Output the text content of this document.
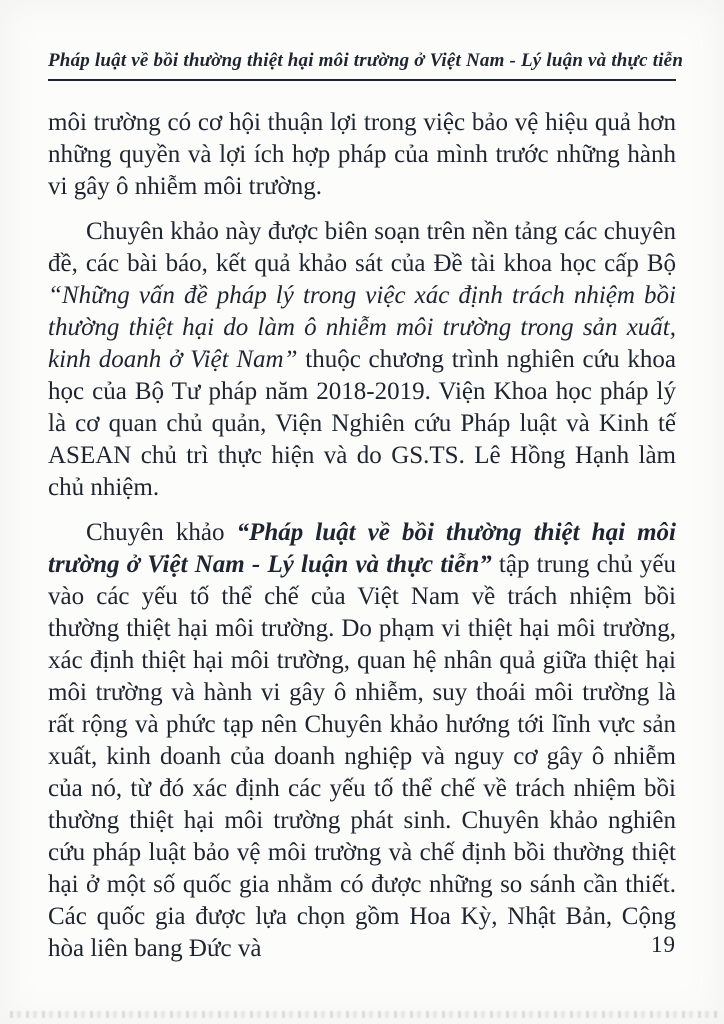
Pháp luật về bồi thường thiệt hại môi trường ở Việt Nam - Lý luận và thực tiễn

môi trường có cơ hội thuận lợi trong việc bảo vệ hiệu quả hơn những quyền và lợi ích hợp pháp của mình trước những hành vi gây ô nhiễm môi trường.

Chuyên khảo này được biên soạn trên nền tảng các chuyên đề, các bài báo, kết quả khảo sát của Đề tài khoa học cấp Bộ “Những vấn đề pháp lý trong việc xác định trách nhiệm bồi thường thiệt hại do làm ô nhiễm môi trường trong sản xuất, kinh doanh ở Việt Nam” thuộc chương trình nghiên cứu khoa học của Bộ Tư pháp năm 2018-2019. Viện Khoa học pháp lý là cơ quan chủ quản, Viện Nghiên cứu Pháp luật và Kinh tế ASEAN chủ trì thực hiện và do GS.TS. Lê Hồng Hạnh làm chủ nhiệm.

Chuyên khảo “Pháp luật về bồi thường thiệt hại môi trường ở Việt Nam - Lý luận và thực tiễn” tập trung chủ yếu vào các yếu tố thể chế của Việt Nam về trách nhiệm bồi thường thiệt hại môi trường. Do phạm vi thiệt hại môi trường, xác định thiệt hại môi trường, quan hệ nhân quả giữa thiệt hại môi trường và hành vi gây ô nhiễm, suy thoái môi trường là rất rộng và phức tạp nên Chuyên khảo hướng tới lĩnh vực sản xuất, kinh doanh của doanh nghiệp và nguy cơ gây ô nhiễm của nó, từ đó xác định các yếu tố thể chế về trách nhiệm bồi thường thiệt hại môi trường phát sinh. Chuyên khảo nghiên cứu pháp luật bảo vệ môi trường và chế định bồi thường thiệt hại ở một số quốc gia nhằm có được những so sánh cần thiết. Các quốc gia được lựa chọn gồm Hoa Kỳ, Nhật Bản, Cộng hòa liên bang Đức và	19
